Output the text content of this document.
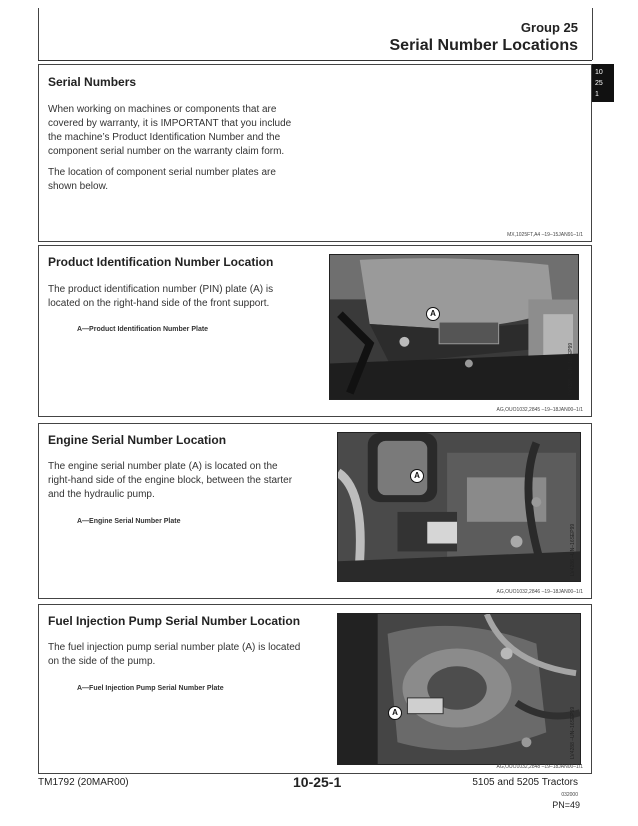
Group 25
Serial Number Locations
10
25
1
Serial Numbers
When working on machines or components that are
covered by warranty, it is IMPORTANT that you include
the machine’s Product Identification Number and the
component serial number on the warranty claim form.
The location of component serial number plates are
shown below.
MX,1025FT,A4 –19–15JAN91–1/1
Product Identification Number Location
The product identification number (PIN) plate (A) is
located on the right-hand side of the front support.
A—Product Identification Number Plate
A
LV4285 –UN–16SEP99
AG,OUO1032,2845 –19–18JAN00–1/1
Engine Serial Number Location
The engine serial number plate (A) is located on the
right-hand side of the engine block, between the starter
and the hydraulic pump.
A—Engine Serial Number Plate
A
LV4286 –UN–16SEP99
AG,OUO1032,2846 –19–18JAN00–1/1
Fuel Injection Pump Serial Number Location
The fuel injection pump serial number plate (A) is located
on the side of the pump.
A—Fuel Injection Pump Serial Number Plate
A	LV4288 –UN–16SEP99
AG,OUO1032,2848 –19–18JAN00–1/1
TM1792 (20MAR00)	10-25-1	5105 and 5205 Tractors
032000
PN=49
